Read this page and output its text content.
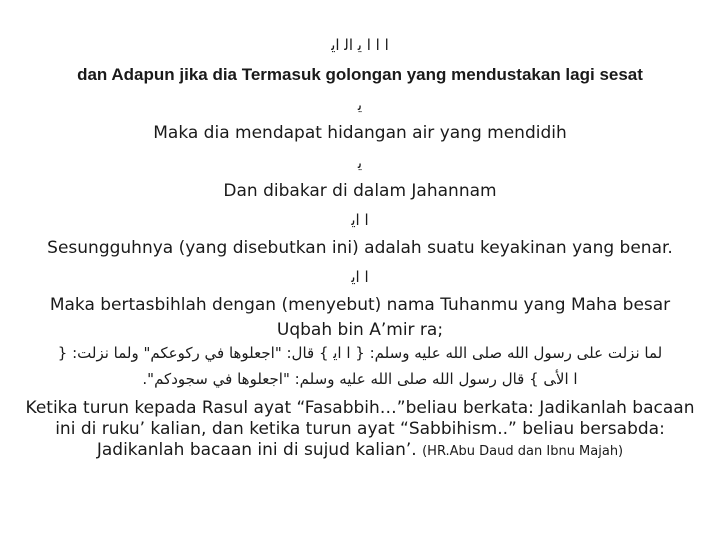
ﺍ ﺍ ﺍ ﻳ ﺍﻟ ﺍﻳ
dan Adapun jika dia Termasuk golongan yang mendustakan lagi sesat
ﻳ
Maka dia mendapat hidangan air yang mendidih
ﻳ
Dan dibakar di dalam Jahannam
ﺍ ﺍﻳ
Sesungguhnya (yang disebutkan ini) adalah suatu keyakinan yang benar.
ﺍ ﺍﻳ
Maka bertasbihlah dengan (menyebut) nama Tuhanmu yang Maha besar
Uqbah bin A’mir ra;
ﻟﻤﺎ ﻧﺰﻟﺖ ﻋﻠﻰ ﺭﺳﻮﻝ ﺍﻟﻠﻪ ﺻﻠﻰ ﺍﻟﻠﻪ ﻋﻠﻴﻪ ﻭﺳﻠﻢ: { ﺍ ﺍﻳ } ﻗﺎﻝ: "ﺍﺟﻌﻠﻮﻫﺎ ﻓﻲ ﺭﻛﻮﻋﻜﻢ" ﻭﻟﻤﺎ ﻧﺰﻟﺖ: {
ﺍ ﺍﻷﻰ } ﻗﺎﻝ ﺭﺳﻮﻝ ﺍﻟﻠﻪ ﺻﻠﻰ ﺍﻟﻠﻪ ﻋﻠﻴﻪ ﻭﺳﻠﻢ: "ﺍﺟﻌﻠﻮﻫﺎ ﻓﻲ ﺳﺠﻮﺩﻛﻢ".
Ketika turun kepada Rasul ayat “Fasabbih…”beliau berkata: Jadikanlah bacaan
ini di ruku’ kalian, dan ketika turun ayat “Sabbihism..” beliau bersabda:
Jadikanlah bacaan ini di sujud kalian’. (HR.Abu Daud dan Ibnu Majah)
